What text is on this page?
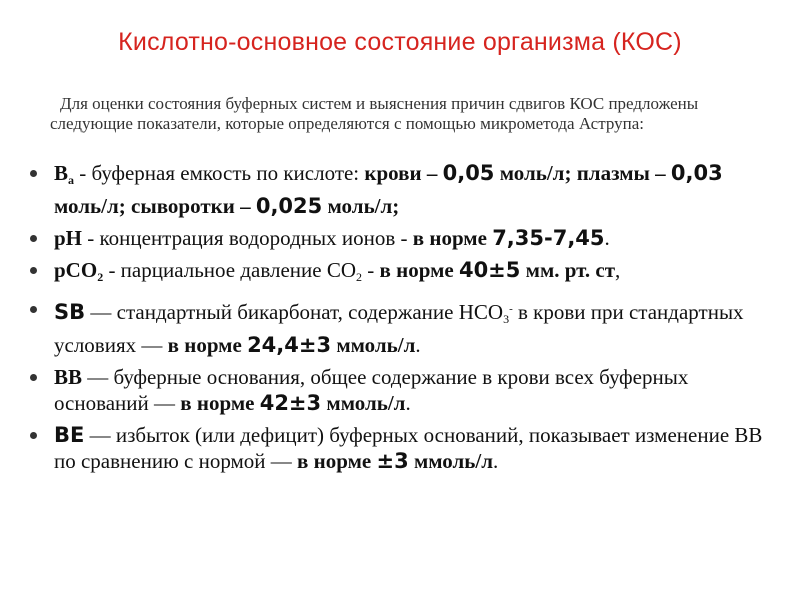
Кислотно-основное состояние организма (КОС)
Для оценки состояния буферных систем и выяснения причин сдвигов КОС предложены следующие показатели, которые определяются с помощью микрометода Аструпа:
$B_а$ - буферная емкость по кислоте: крови – 0,05 моль/л; плазмы – 0,03 моль/л; сыворотки – 0,025 моль/л;
pH - концентрация водородных ионов - в норме 7,35-7,45.
pCO$_2$ - парциальное давление $СО_2$ - в норме 40±5 мм. рт. ст,
SB — стандартный бикарбонат, содержание $НСО_3^-$ в крови при стандартных условиях — в норме 24,4±3 ммоль/л.
BB — буферные основания, общее содержание в крови всех буферных оснований — в норме 42±3 ммоль/л.
BE — избыток (или дефицит) буферных оснований, показывает изменение ВВ по сравнению с нормой — в норме ±3 ммоль/л.
